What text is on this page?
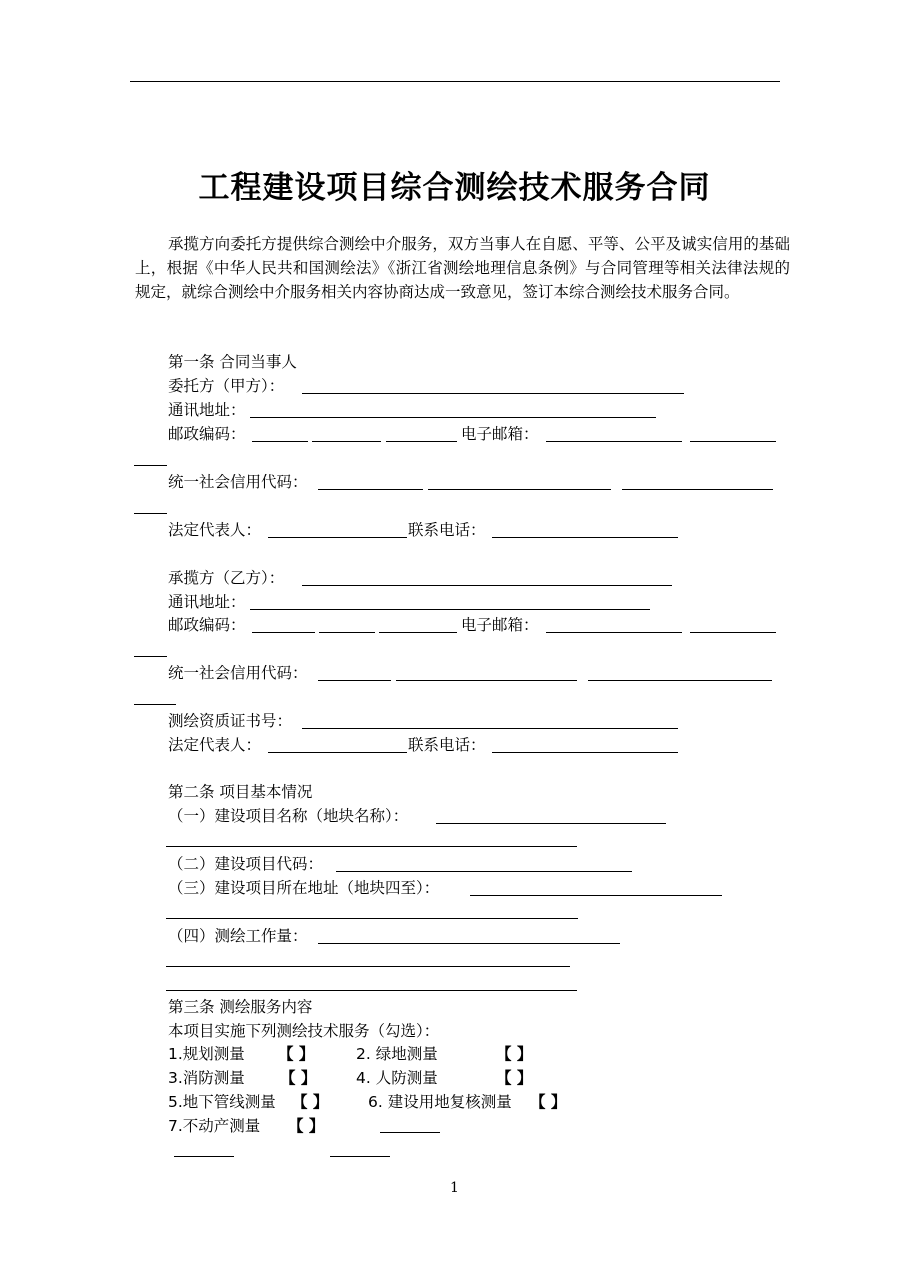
工程建设项目综合测绘技术服务合同
承揽方向委托方提供综合测绘中介服务，双方当事人在自愿、平等、公平及诚实信用的基础上，根据《中华人民共和国测绘法》《浙江省测绘地理信息条例》与合同管理等相关法律法规的规定，就综合测绘中介服务相关内容协商达成一致意见，签订本综合测绘技术服务合同。
第一条 合同当事人
委托方（甲方）：
通讯地址：
邮政编码：	电子邮箱：
统一社会信用代码：
法定代表人：	联系电话：
承揽方（乙方）：
通讯地址：
邮政编码：	电子邮箱：
统一社会信用代码：
测绘资质证书号：
法定代表人：	联系电话：
第二条 项目基本情况
（一）建设项目名称（地块名称）：
（二）建设项目代码：
（三）建设项目所在地址（地块四至）：
（四）测绘工作量：
第三条 测绘服务内容
本项目实施下列测绘技术服务（勾选）：
1.规划测量 【 】	2. 绿地测量	【 】
3.消防测量 【 】	4. 人防测量	【 】
5.地下管线测量 【 】	6. 建设用地复核测量 【 】
7.不动产测量 【 】
1
